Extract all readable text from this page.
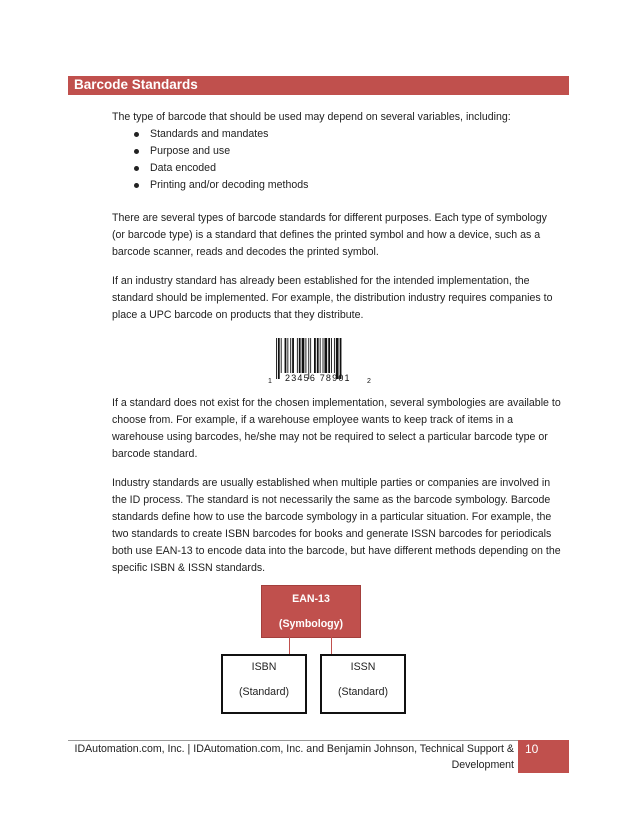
Barcode Standards
The type of barcode that should be used may depend on several variables, including:
Standards and mandates
Purpose and use
Data encoded
Printing and/or decoding methods
There are several types of barcode standards for different purposes. Each type of symbology (or barcode type) is a standard that defines the printed symbol and how a device, such as a barcode scanner, reads and decodes the printed symbol.
If an industry standard has already been established for the intended implementation, the standard should be implemented. For example, the distribution industry requires companies to place a UPC barcode on products that they distribute.
1 23456 78901 2
If a standard does not exist for the chosen implementation, several symbologies are available to choose from. For example, if a warehouse employee wants to keep track of items in a warehouse using barcodes, he/she may not be required to select a particular barcode type or barcode standard.
Industry standards are usually established when multiple parties or companies are involved in the ID process. The standard is not necessarily the same as the barcode symbology. Barcode standards define how to use the barcode symbology in a particular situation. For example, the two standards to create ISBN barcodes for books and generate ISSN barcodes for periodicals both use EAN-13 to encode data into the barcode, but have different methods depending on the specific ISBN & ISSN standards.
EAN-13
(Symbology)
ISBN
(Standard)
ISSN
(Standard)
IDAutomation.com, Inc. | IDAutomation.com, Inc. and Benjamin Johnson, Technical Support & Development
10
